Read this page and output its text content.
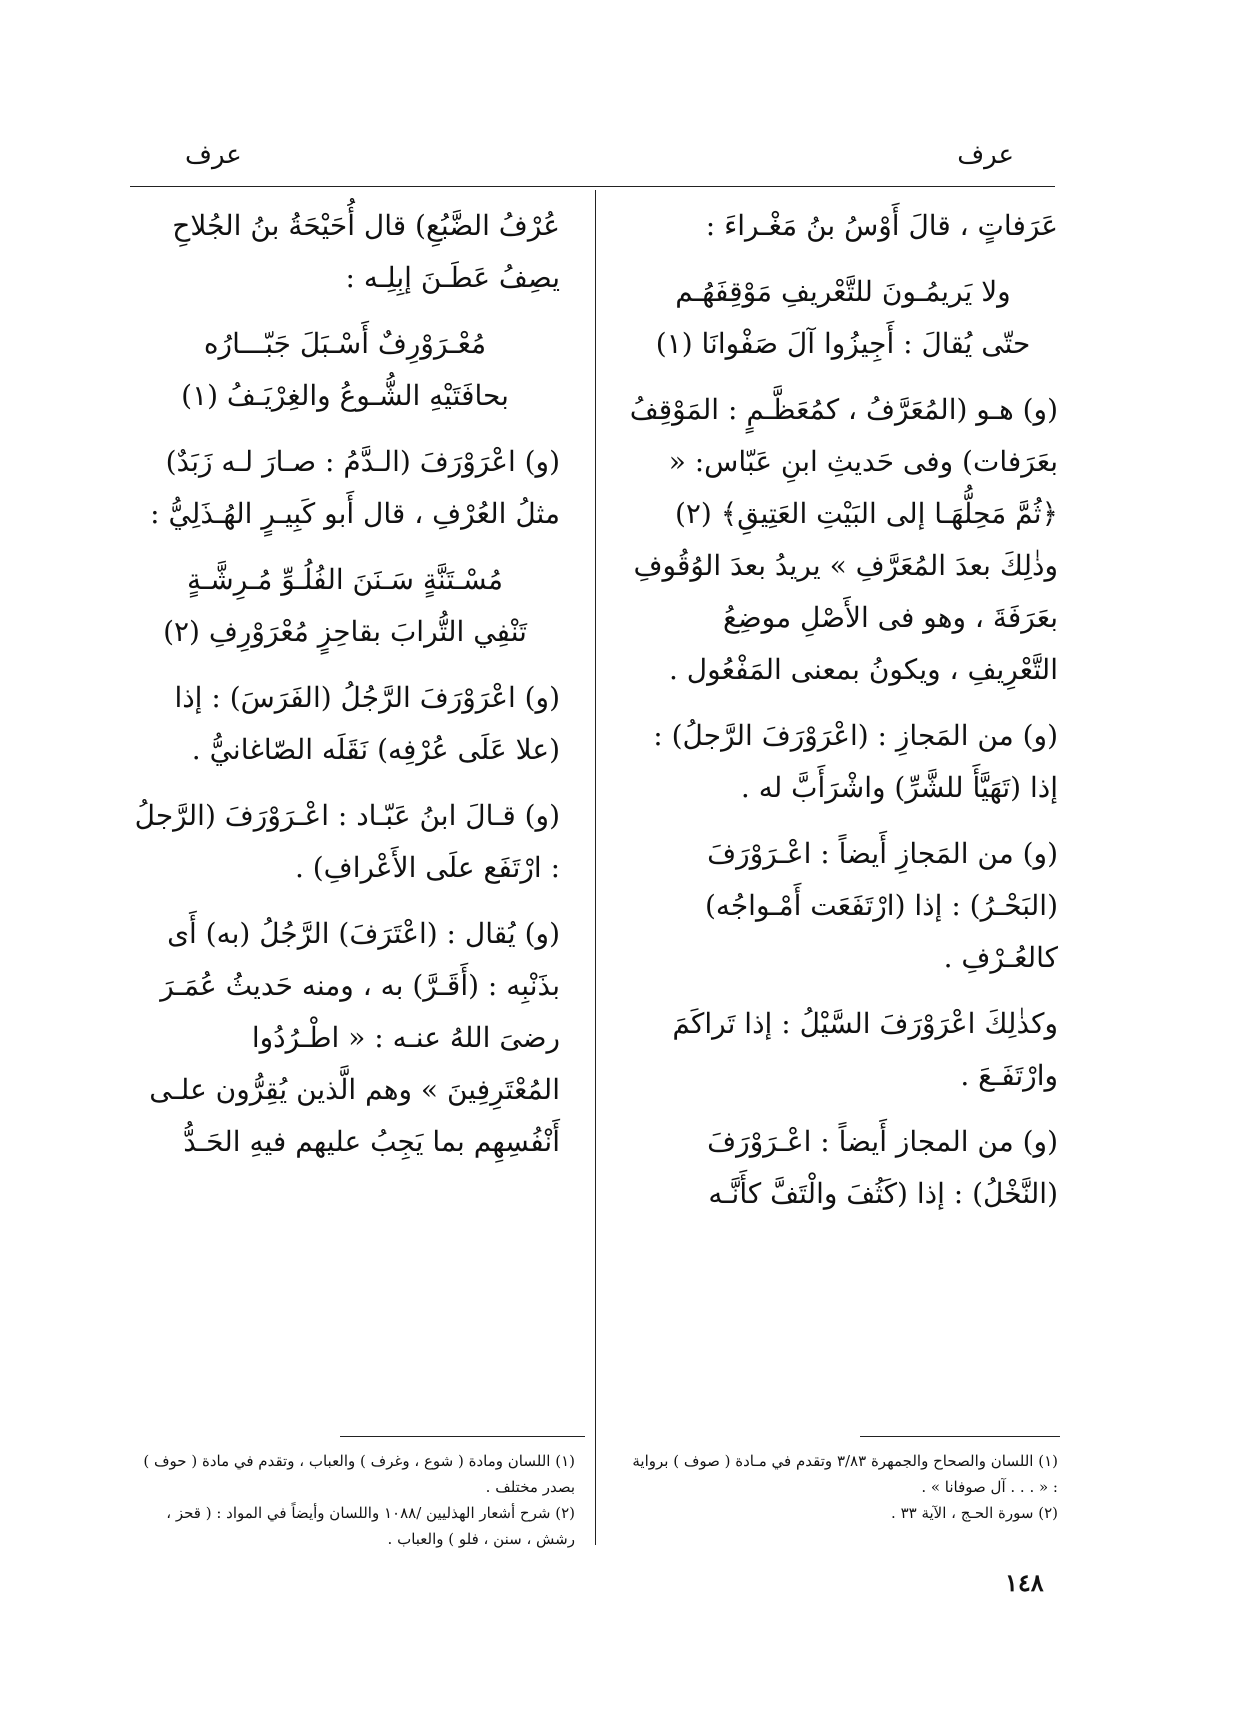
عرف
عرف

عَرَفاتٍ ، قالَ أَوْسُ بنُ مَغْـراءَ :

ولا يَريمُـونَ للتَّعْريفِ مَوْقِفَهُـم
حتّى يُقالَ : أَجِيزُوا آلَ صَفْوانَا (١)

(و) هـو (المُعَرَّفُ ، كمُعَظَّـمٍ : المَوْقِفُ بعَرَفات) وفى حَديثِ ابنِ عَبّاس: « ﴿ثُمَّ مَحِلُّهَـا إلى البَيْتِ العَتِيقِ﴾ (٢) وذٰلِكَ بعدَ المُعَرَّفِ » يريدُ بعدَ الوُقُوفِ بعَرَفَةَ ، وهو فى الأَصْلِ موضِعُ التَّعْرِيفِ ، ويكونُ بمعنى المَفْعُول .

(و) من المَجازِ : (اعْرَوْرَفَ الرَّجلُ) : إذا (تَهَيَّأَ للشَّرِّ) واشْرَأَبَّ له .

(و) من المَجازِ أَيضاً : اعْـرَوْرَفَ (البَحْـرُ) : إذا (ارْتَفَعَت أَمْـواجُه) كالعُـرْفِ .

وكذٰلِكَ اعْرَوْرَفَ السَّيْلُ : إذا تَراكَمَ وارْتَفَـعَ .

(و) من المجاز أَيضاً : اعْـرَوْرَفَ (النَّخْلُ) : إذا (كَثُفَ والْتَفَّ كأَنَّـه

عُرْفُ الضَّبُعِ) قال أُحَيْحَةُ بنُ الجُلاحِ يصِفُ عَطَـنَ إبِلِـه :

مُعْـرَوْرِفٌ أَسْـبَلَ جَبّـــارُه
بحافَتَيْهِ الشُّـوعُ والغِرْيَـفُ (١)

(و) اعْرَوْرَفَ (الـدَّمُ : صـارَ لـه زَبَدٌ) مثلُ العُرْفِ ، قال أَبو كَبِيـرٍ الهُـذَلِيُّ :

مُسْـتَنَّةٍ سَـنَنَ الفُلُـوِّ مُـرِشَّـةٍ
تَنْفِي التُّرابَ بقاحِزٍ مُعْرَوْرِفِ (٢)

(و) اعْرَوْرَفَ الرَّجُلُ (الفَرَسَ) : إذا (علا عَلَى عُرْفِه) نَقَلَه الصّاغانيُّ .

(و) قـالَ ابنُ عَبّـاد : اعْـرَوْرَفَ (الرَّجلُ : ارْتَفَع علَى الأَعْرافِ) .

(و) يُقال : (اعْتَرَفَ) الرَّجُلُ (به) أَى بذَنْبِه : (أَقَـرَّ) به ، ومنه حَديثُ عُمَـرَ رضىَ اللهُ عنـه : « اطْـرُدُوا المُعْتَرِفِينَ » وهم الَّذين يُقِرُّون علـى أَنْفُسِهِم بما يَجِبُ عليهم فيهِ الحَـدُّ

(١) اللسان والصحاح والجمهرة ٣/٨٣ وتقدم في مـادة ( صوف ) برواية : « . . . آل صوفانا » .

(٢) سورة الحـج ، الآية ٣٣ .

(١) اللسان ومادة ( شوع ، وغرف ) والعباب ، وتقدم في مادة ( حوف ) بصدر مختلف .

(٢) شرح أشعار الهذليين /١٠٨٨ واللسان وأيضاً في المواد : ( قحز ، رشش ، سنن ، فلو ) والعباب .

١٤٨
